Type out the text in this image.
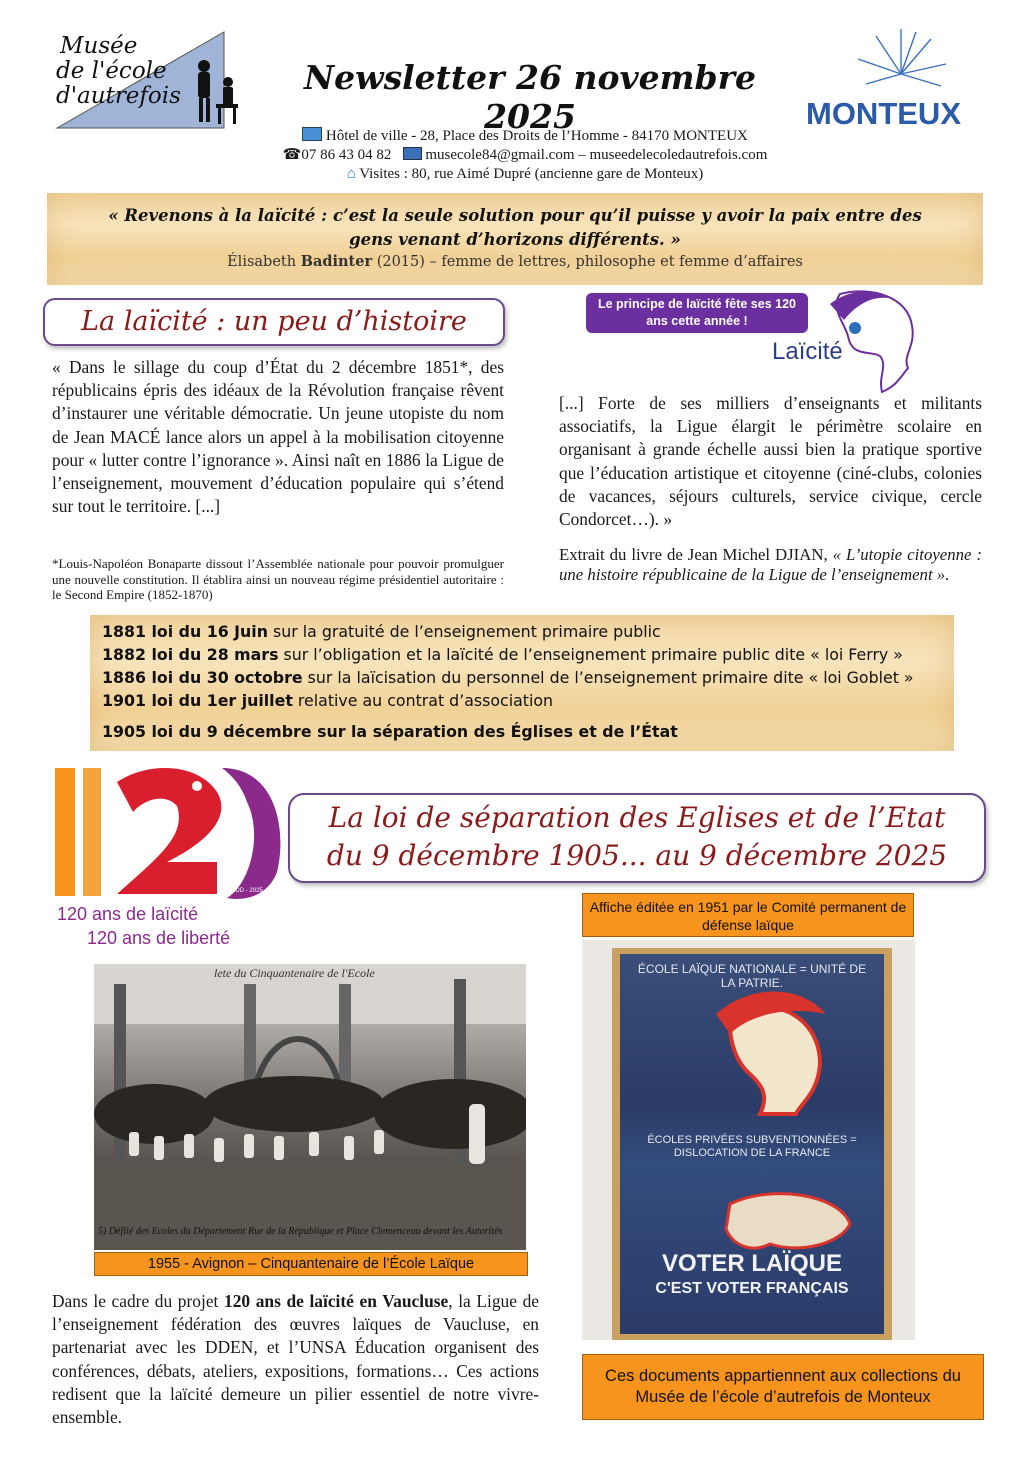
Musée
de l'école
d'autrefois	Newsletter 26 novembre 2025	MONTEUX
Hôtel de ville - 28, Place des Droits de l’Homme - 84170 MONTEUX
☎07 86 43 04 82 musecole84@gmail.com – museedelecoledautrefois.com
⌂ Visites : 80, rue Aimé Dupré (ancienne gare de Monteux)
« Revenons à la laïcité : c’est la seule solution pour qu’il puisse y avoir la paix entre des gens venant d’horizons différents. »
Élisabeth Badinter (2015) – femme de lettres, philosophe et femme d’affaires
La laïcité : un peu d’histoire
« Dans le sillage du coup d’État du 2 décembre 1851*, des républicains épris des idéaux de la Révolution française rêvent d’instaurer une véritable démocratie. Un jeune utopiste du nom de Jean MACÉ lance alors un appel à la mobilisation citoyenne pour « lutter contre l’ignorance ». Ainsi naît en 1886 la Ligue de l’enseignement, mouvement d’éducation populaire qui s’étend sur tout le territoire. [...]
*Louis-Napoléon Bonaparte dissout l’Assemblée nationale pour pouvoir promulguer une nouvelle constitution. Il établira ainsi un nouveau régime présidentiel autoritaire : le Second Empire (1852-1870)
Le principe de laïcité fête ses 120 ans cette année !
Laïcité
[...] Forte de ses milliers d’enseignants et militants associatifs, la Ligue élargit le périmètre scolaire en organisant à grande échelle aussi bien la pratique sportive que l’éducation artistique et citoyenne (ciné-clubs, colonies de vacances, séjours culturels, service civique, cercle Condorcet…). »
Extrait du livre de Jean Michel DJIAN, « L’utopie citoyenne : une histoire républicaine de la Ligue de l’enseignement ».
1881 loi du 16 Juin sur la gratuité de l’enseignement primaire public
1882 loi du 28 mars sur l’obligation et la laïcité de l’enseignement primaire public dite « loi Ferry »
1886 loi du 30 octobre sur la laïcisation du personnel de l’enseignement primaire dite « loi Goblet »
1901 loi du 1er juillet relative au contrat d’association
1905 loi du 9 décembre sur la séparation des Églises et de l’État
© CDD - 2025
120 ans de laïcité
120 ans de liberté
La loi de séparation des Eglises et de l’Etat
du 9 décembre 1905... au 9 décembre 2025
lete du Cinquantenaire de l'Ecole
5) Défilé des Ecoles du Département Rue de la République et Place Clemenceau devant les Autorités
1955 - Avignon – Cinquantenaire de l’École Laïque
Affiche éditée en 1951 par le Comité permanent de défense laïque
ÉCOLE LAÏQUE NATIONALE = UNITÉ DE LA PATRIE.
ÉCOLES PRIVÉES SUBVENTIONNÉES = DISLOCATION DE LA FRANCE
VOTER LAÏQUE
C'EST VOTER FRANÇAIS
Ces documents appartiennent aux collections du Musée de l’école d’autrefois de Monteux
Dans le cadre du projet 120 ans de laïcité en Vaucluse, la Ligue de l’enseignement fédération des œuvres laïques de Vaucluse, en partenariat avec les DDEN, et l’UNSA Éducation organisent des conférences, débats, ateliers, expositions, formations… Ces actions redisent que la laïcité demeure un pilier essentiel de notre vivre-ensemble.
